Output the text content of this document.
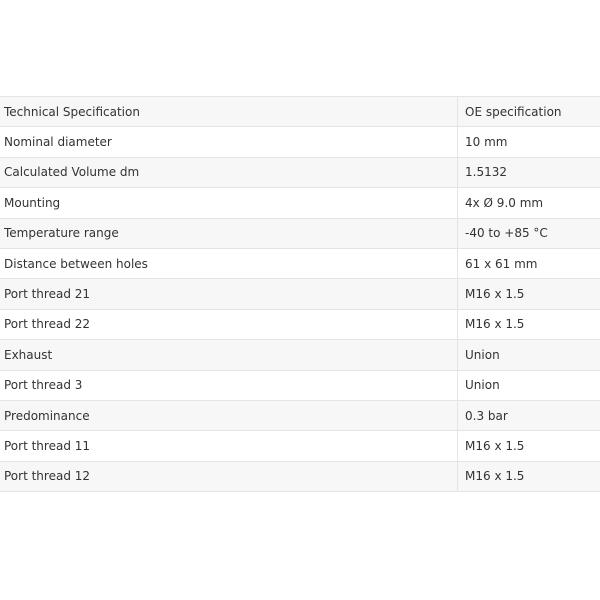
Technical Specification	OE specification
Nominal diameter	10 mm
Calculated Volume dm	1.5132
Mounting	4x Ø 9.0 mm
Temperature range	-40 to +85 °C
Distance between holes	61 x 61 mm
Port thread 21	M16 x 1.5
Port thread 22	M16 x 1.5
Exhaust	Union
Port thread 3	Union
Predominance	0.3 bar
Port thread 11	M16 x 1.5
Port thread 12	M16 x 1.5
